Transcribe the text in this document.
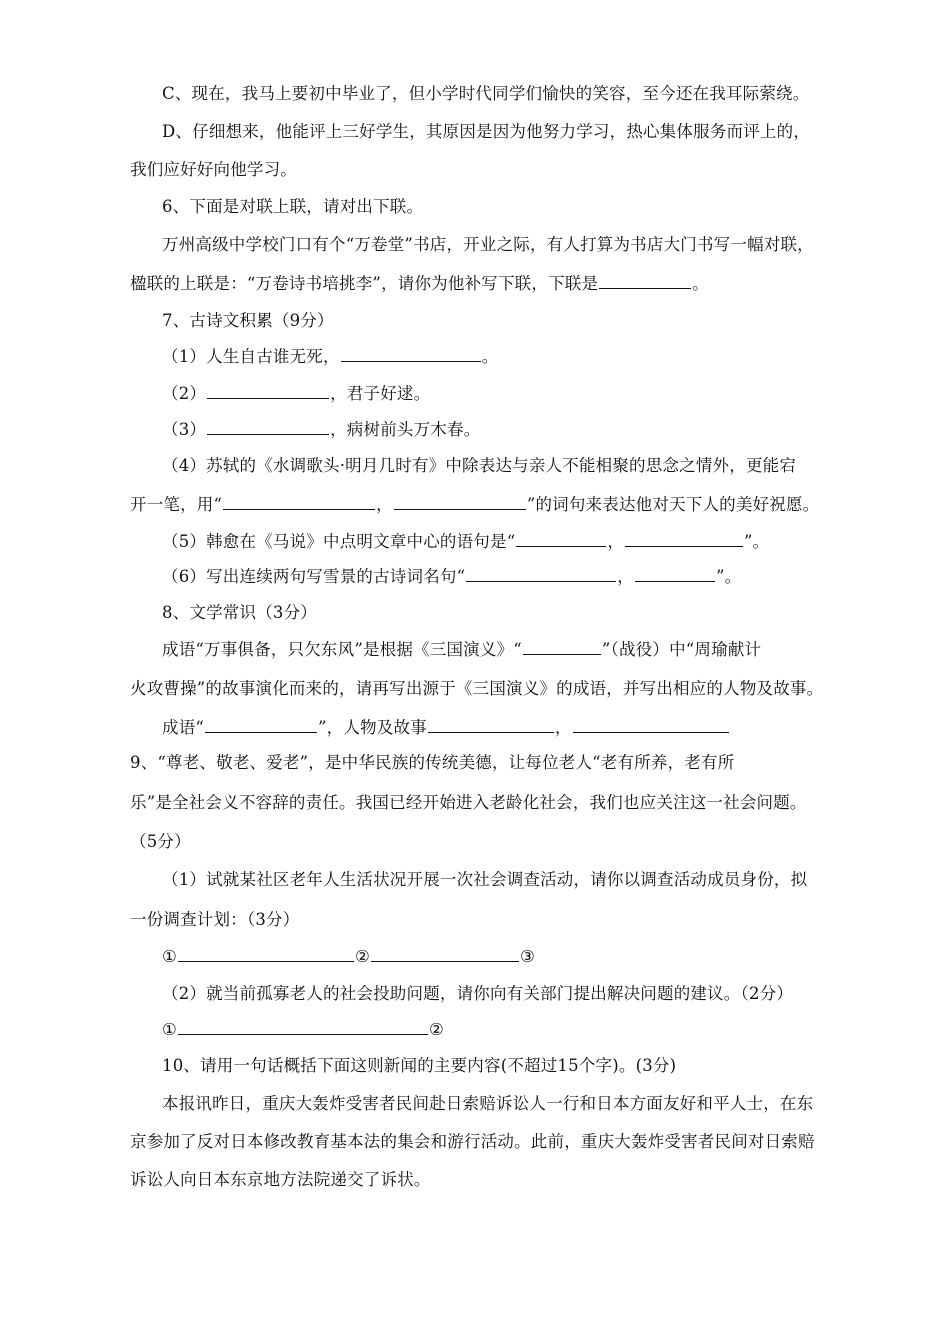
C、现在，我马上要初中毕业了，但小学时代同学们愉快的笑容，至今还在我耳际萦绕。
D、仔细想来，他能评上三好学生，其原因是因为他努力学习，热心集体服务而评上的，
我们应好好向他学习。
6、下面是对联上联，请对出下联。
万州高级中学校门口有个“万卷堂”书店，开业之际，有人打算为书店大门书写一幅对联，
楹联的上联是：“万卷诗书培挑李”，请你为他补写下联，下联是	。
7、古诗文积累（9分）
（1）人生自古谁无死，	。
（2）	，君子好逑。
（3）	，病树前头万木春。
（4）苏轼的《水调歌头·明月几时有》中除表达与亲人不能相聚的思念之情外，更能宕
开一笔，用“	，	”的词句来表达他对天下人的美好祝愿。
（5）韩愈在《马说》中点明文章中心的语句是“	，	”。
（6）写出连续两句写雪景的古诗词名句“	，	”。
8、文学常识（3分）
成语“万事俱备，只欠东风”是根据《三国演义》“	”（战役）中“周瑜献计
火攻曹操”的故事演化而来的，请再写出源于《三国演义》的成语，并写出相应的人物及故事。
成语“	”，人物及故事	，
9、“尊老、敬老、爱老”，是中华民族的传统美德，让每位老人“老有所养，老有所
乐”是全社会义不容辞的责任。我国已经开始进入老龄化社会，我们也应关注这一社会问题。
（5分）
（1）试就某社区老年人生活状况开展一次社会调查活动，请你以调查活动成员身份，拟
一份调查计划：（3分）
①	②	③
（2）就当前孤寡老人的社会投助问题，请你向有关部门提出解决问题的建议。（2分）
①	②
10、请用一句话概括下面这则新闻的主要内容(不超过15个字)。(3分)
本报讯昨日，重庆大轰炸受害者民间赴日索赔诉讼人一行和日本方面友好和平人士，在东
京参加了反对日本修改教育基本法的集会和游行活动。此前，重庆大轰炸受害者民间对日索赔
诉讼人向日本东京地方法院递交了诉状。
